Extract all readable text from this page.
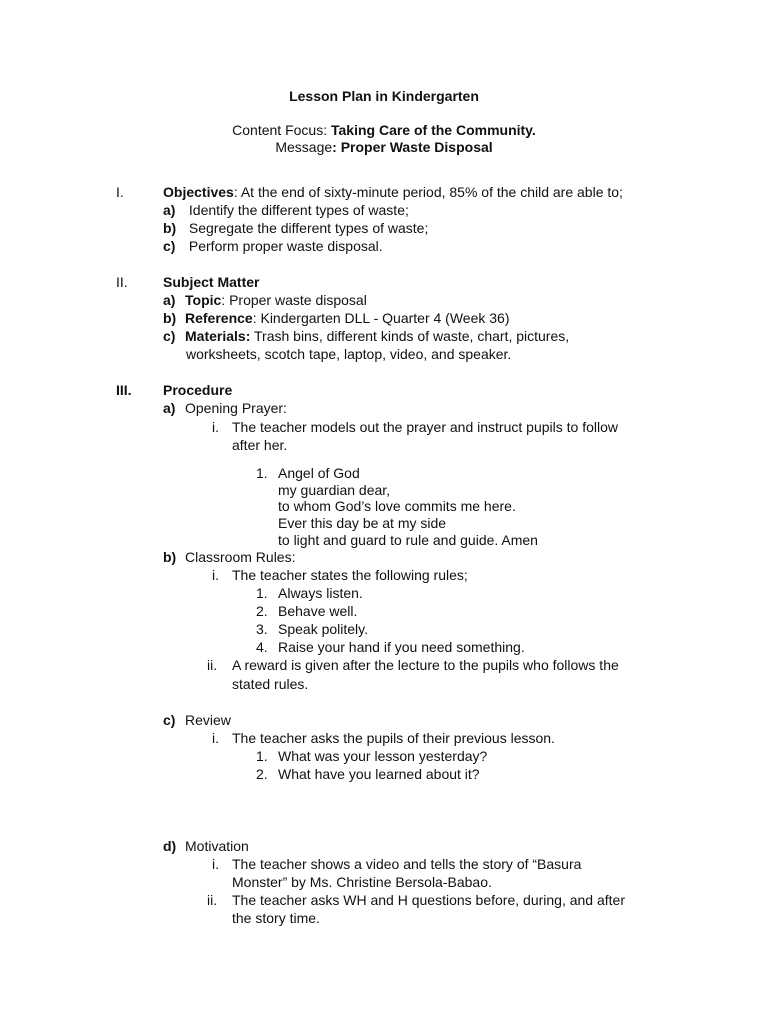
Lesson Plan in Kindergarten
Content Focus: Taking Care of the Community.
Message: Proper Waste Disposal
I.	Objectives: At the end of sixty-minute period, 85% of the child are able to;
a) Identify the different types of waste;
b) Segregate the different types of waste;
c) Perform proper waste disposal.
II.	Subject Matter
a) Topic: Proper waste disposal
b) Reference: Kindergarten DLL - Quarter 4 (Week 36)
c) Materials: Trash bins, different kinds of waste, chart, pictures,
worksheets, scotch tape, laptop, video, and speaker.
III. Procedure
a) Opening Prayer:
i. The teacher models out the prayer and instruct pupils to follow
after her.
1. Angel of God
my guardian dear,
to whom God’s love commits me here.
Ever this day be at my side
to light and guard to rule and guide. Amen
b) Classroom Rules:
i. The teacher states the following rules;
1. Always listen.
2. Behave well.
3. Speak politely.
4. Raise your hand if you need something.
ii. A reward is given after the lecture to the pupils who follows the
stated rules.
c) Review
i. The teacher asks the pupils of their previous lesson.
1. What was your lesson yesterday?
2. What have you learned about it?
d) Motivation
i. The teacher shows a video and tells the story of “Basura
Monster” by Ms. Christine Bersola-Babao.
ii. The teacher asks WH and H questions before, during, and after
the story time.
